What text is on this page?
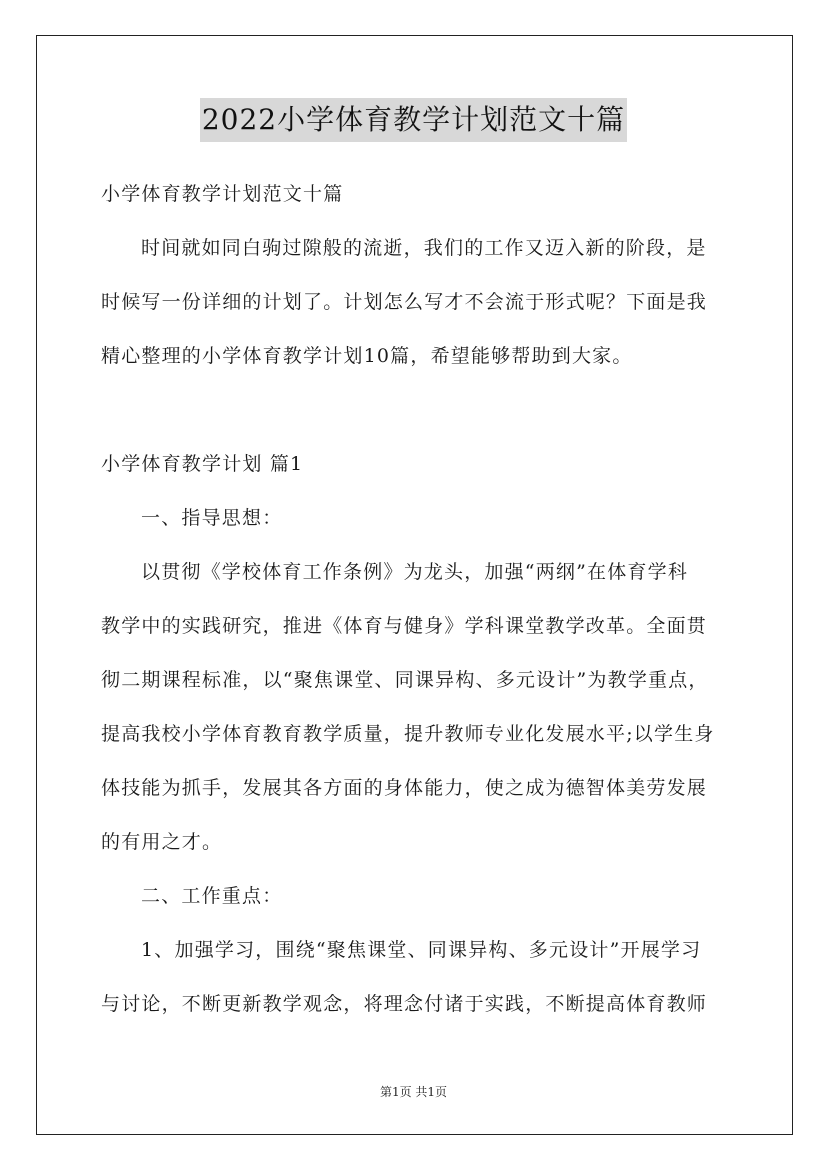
2022小学体育教学计划范文十篇
小学体育教学计划范文十篇
时间就如同白驹过隙般的流逝，我们的工作又迈入新的阶段，是
时候写一份详细的计划了。计划怎么写才不会流于形式呢？下面是我
精心整理的小学体育教学计划10篇，希望能够帮助到大家。
小学体育教学计划 篇1
一、指导思想：
以贯彻《学校体育工作条例》为龙头，加强“两纲”在体育学科
教学中的实践研究，推进《体育与健身》学科课堂教学改革。全面贯
彻二期课程标准，以“聚焦课堂、同课异构、多元设计”为教学重点，
提高我校小学体育教育教学质量，提升教师专业化发展水平;以学生身
体技能为抓手，发展其各方面的身体能力，使之成为德智体美劳发展
的有用之才。
二、工作重点：
1、加强学习，围绕“聚焦课堂、同课异构、多元设计”开展学习
与讨论，不断更新教学观念，将理念付诸于实践，不断提高体育教师
第1页 共1页
